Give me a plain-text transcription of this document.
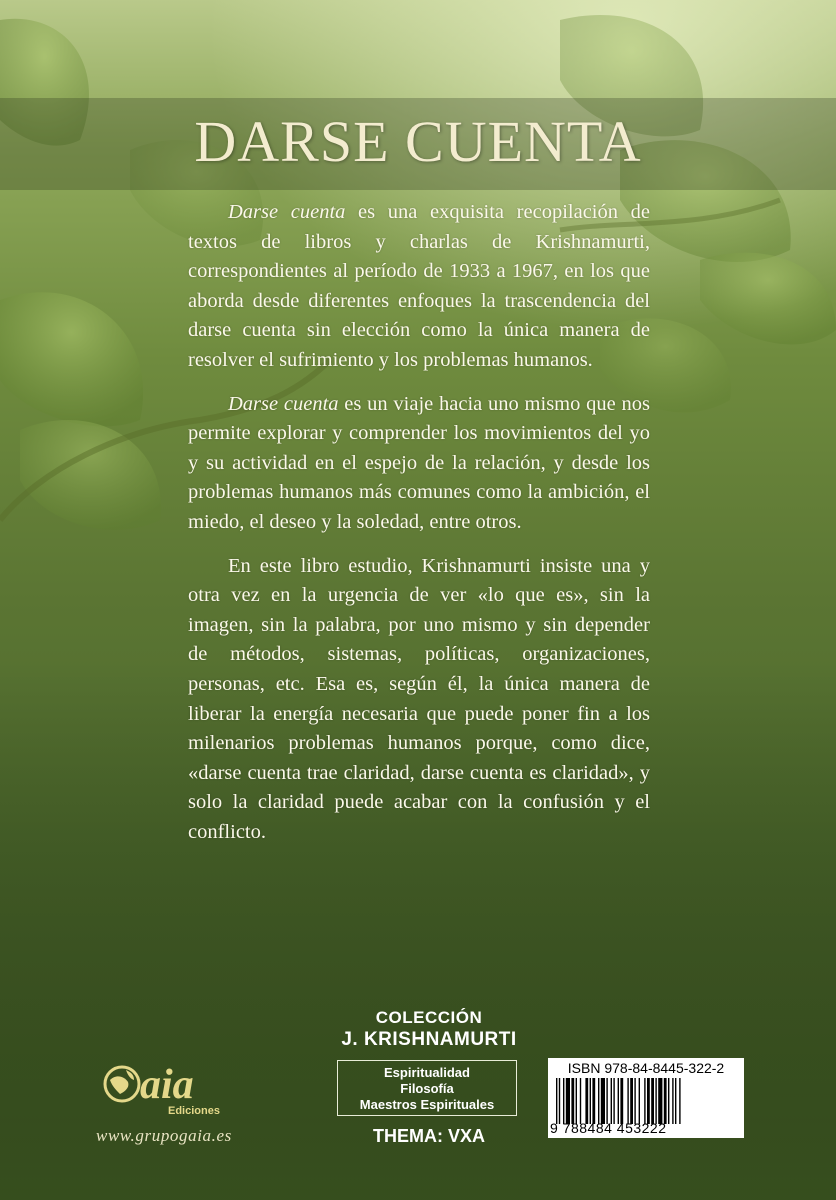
DARSE CUENTA

Darse cuenta es una exquisita recopilación de textos de libros y charlas de Krishnamurti, correspondientes al período de 1933 a 1967, en los que aborda desde diferentes enfoques la trascendencia del darse cuenta sin elección como la única manera de resolver el sufrimiento y los problemas humanos.

Darse cuenta es un viaje hacia uno mismo que nos permite explorar y comprender los movimientos del yo y su actividad en el espejo de la relación, y desde los problemas humanos más comunes como la ambición, el miedo, el deseo y la soledad, entre otros.

En este libro estudio, Krishnamurti insiste una y otra vez en la urgencia de ver «lo que es», sin la imagen, sin la palabra, por uno mismo y sin depender de métodos, sistemas, políticas, organizaciones, personas, etc. Esa es, según él, la única manera de liberar la energía necesaria que puede poner fin a los milenarios problemas humanos porque, como dice, «darse cuenta trae claridad, darse cuenta es claridad», y solo la claridad puede acabar con la confusión y el conflicto.

COLECCIÓN
J. KRISHNAMURTI
Espiritualidad
Filosofía
Maestros Espirituales
THEMA: VXA
aia
Ediciones
www.grupogaia.es
ISBN 978-84-8445-322-2
9 788484 453222
